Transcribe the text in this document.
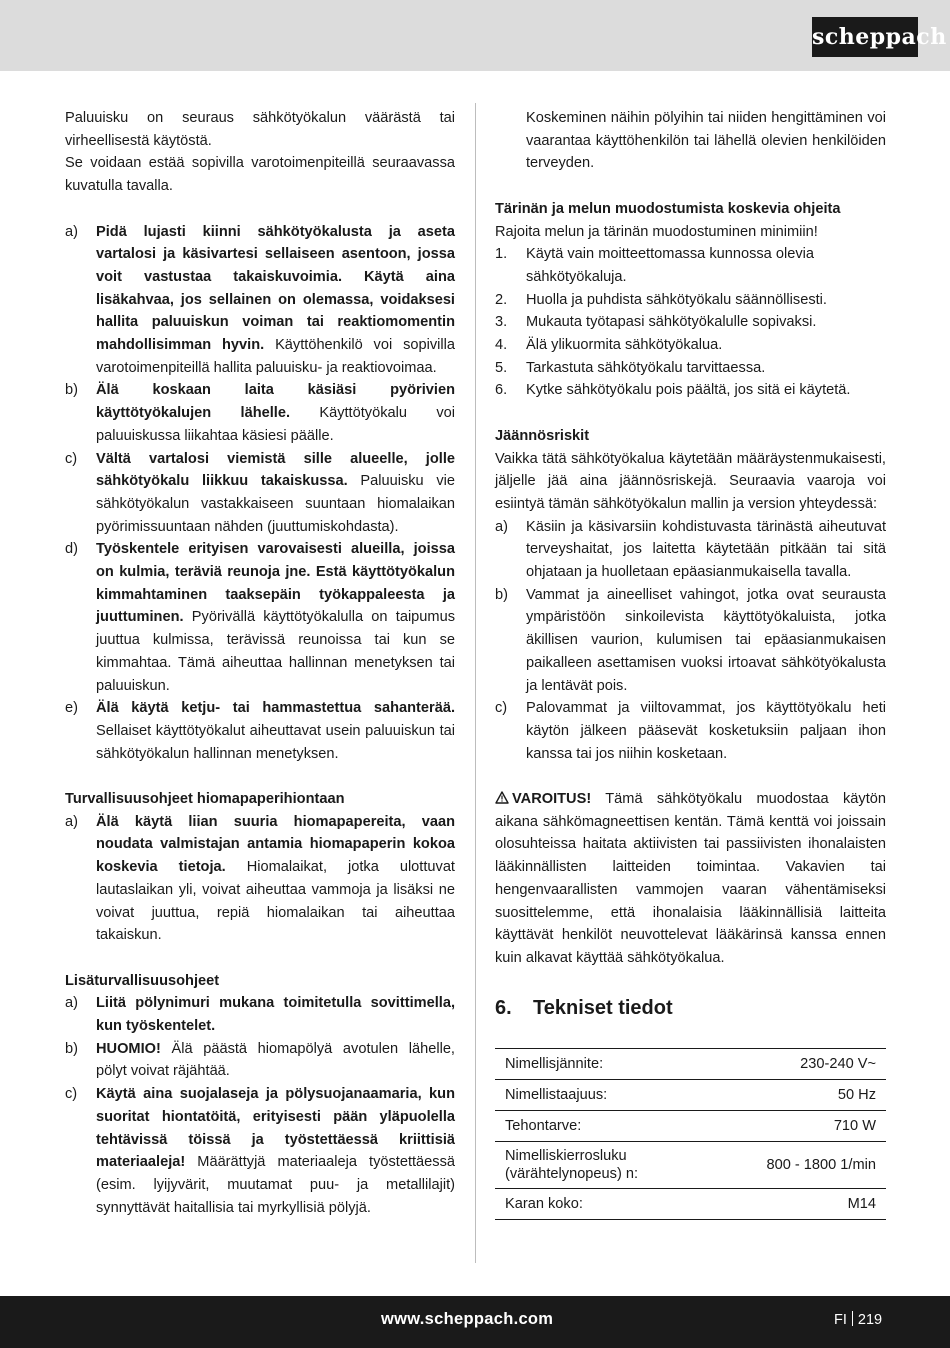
scheppach

Paluuisku on seuraus sähkötyökalun väärästä tai virheellisestä käytöstä.

Se voidaan estää sopivilla varotoimenpiteillä seuraavassa kuvatulla tavalla.

a)	Pidä lujasti kiinni sähkötyökalusta ja aseta vartalosi ja käsivartesi sellaiseen asentoon, jossa voit vastustaa takaiskuvoimia. Käytä aina lisäkahvaa, jos sellainen on olemassa, voidaksesi hallita paluuiskun voiman tai reaktiomomentin mahdollisimman hyvin. Käyttöhenkilö voi sopivilla varotoimenpiteillä hallita paluuisku- ja reaktiovoimaa.
b)	Älä koskaan laita käsiäsi pyörivien käyttötyökalujen lähelle. Käyttötyökalu voi paluuiskussa liikahtaa käsiesi päälle.
c)	Vältä vartalosi viemistä sille alueelle, jolle sähkötyökalu liikkuu takaiskussa. Paluuisku vie sähkötyökalun vastakkaiseen suuntaan hiomalaikan pyörimissuuntaan nähden (juuttumiskohdasta).
d)	Työskentele erityisen varovaisesti alueilla, joissa on kulmia, teräviä reunoja jne. Estä käyttötyökalun kimmahtaminen taaksepäin työkappaleesta ja juuttuminen. Pyörivällä käyttötyökalulla on taipumus juuttua kulmissa, terävissä reunoissa tai kun se kimmahtaa. Tämä aiheuttaa hallinnan menetyksen tai paluuiskun.
e)	Älä käytä ketju- tai hammastettua sahanterää. Sellaiset käyttötyökalut aiheuttavat usein paluuiskun tai sähkötyökalun hallinnan menetyksen.

Turvallisuusohjeet hiomapaperihiontaan

a)	Älä käytä liian suuria hiomapapereita, vaan noudata valmistajan antamia hiomapaperin kokoa koskevia tietoja. Hiomalaikat, jotka ulottuvat lautaslaikan yli, voivat aiheuttaa vammoja ja lisäksi ne voivat juuttua, repiä hiomalaikan tai aiheuttaa takaiskun.

Lisäturvallisuusohjeet

a)	Liitä pölynimuri mukana toimitetulla sovittimella, kun työskentelet.
b)	HUOMIO! Älä päästä hiomapölyä avotulen lähelle, pölyt voivat räjähtää.
c)	Käytä aina suojalaseja ja pölysuojanaamaria, kun suoritat hiontatöitä, erityisesti pään yläpuolella tehtävissä töissä ja työstettäessä kriittisiä materiaaleja! Määrättyjä materiaaleja työstettäessä (esim. lyijyvärit, muutamat puu- ja metallilajit) synnyttävät haitallisia tai myrkyllisiä pölyjä.
Koskeminen näihin pölyihin tai niiden hengittäminen voi vaarantaa käyttöhenkilön tai lähellä olevien henkilöiden terveyden.

Tärinän ja melun muodostumista koskevia ohjeita

Rajoita melun ja tärinän muodostuminen minimiin!

1.	Käytä vain moitteettomassa kunnossa olevia sähkötyökaluja.
2.	Huolla ja puhdista sähkötyökalu säännöllisesti.
3.	Mukauta työtapasi sähkötyökalulle sopivaksi.
4.	Älä ylikuormita sähkötyökalua.
5.	Tarkastuta sähkötyökalu tarvittaessa.
6.	Kytke sähkötyökalu pois päältä, jos sitä ei käytetä.

Jäännösriskit

Vaikka tätä sähkötyökalua käytetään määräystenmukaisesti, jäljelle jää aina jäännösriskejä. Seuraavia vaaroja voi esiintyä tämän sähkötyökalun mallin ja version yhteydessä:

a)	Käsiin ja käsivarsiin kohdistuvasta tärinästä aiheutuvat terveyshaitat, jos laitetta käytetään pitkään tai sitä ohjataan ja huolletaan epäasianmukaisella tavalla.
b)	Vammat ja aineelliset vahingot, jotka ovat seurausta ympäristöön sinkoilevista käyttötyökaluista, jotka äkillisen vaurion, kulumisen tai epäasianmukaisen paikalleen asettamisen vuoksi irtoavat sähkötyökalusta ja lentävät pois.
c)	Palovammat ja viiltovammat, jos käyttötyökalu heti käytön jälkeen pääsevät kosketuksiin paljaan ihon kanssa tai jos niihin kosketaan.

VAROITUS! Tämä sähkötyökalu muodostaa käytön aikana sähkömagneettisen kentän. Tämä kenttä voi joissain olosuhteissa haitata aktiivisten tai passiivisten ihonalaisten lääkinnällisten laitteiden toimintaa. Vakavien tai hengenvaarallisten vammojen vaaran vähentämiseksi suosittelemme, että ihonalaisia lääkinnällisiä laitteita käyttävät henkilöt neuvottelevat lääkärinsä kanssa ennen kuin alkavat käyttää sähkötyökalua.

6.	Tekniset tiedot

Nimellisjännite:	230-240 V~
Nimellistaajuus:	50 Hz
Tehontarve:	710 W
Nimelliskierrosluku (värähtelynopeus) n:	800 - 1800 1/min
Karan koko:	M14
www.scheppach.com	FI 219
